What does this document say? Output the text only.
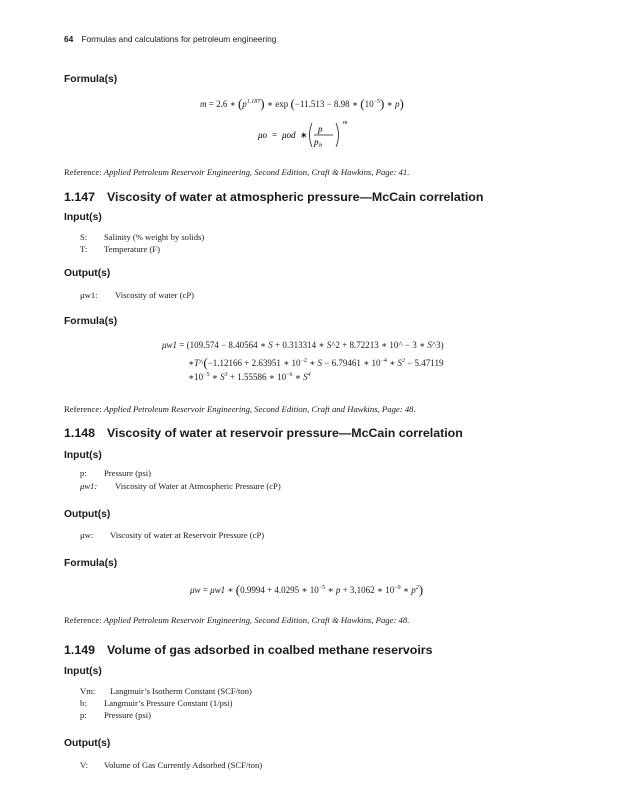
64 Formulas and calculations for petroleum engineering
Formula(s)
m = 2.6 ∗ $(p^{1.187})$ ∗ exp (−11.513 − 8.98 ∗ $(10^{-5})$ ∗ p)
μo = μod ∗
p
p b
m
Reference: Applied Petroleum Reservoir Engineering, Second Edition, Craft & Hawkins, Page: 41.
1.147 Viscosity of water at atmospheric pressure—McCain correlation
Input(s)
S: Salinity (% weight by solids)
T: Temperature (F)
Output(s)
μw1: Viscosity of water (cP)
Formula(s)
μw1 = (109.574 − 8.40564 ∗ S + 0.313314 ∗ S^2 + 8.72213 ∗ 10^ − 3 ∗ S^3)
∗T^(−1.12166 + 2.63951 ∗ $10^{-2}$ ∗ S − 6.79461 ∗ $10^{-4}$ ∗ $S^2 - 5.47119$
$∗10^{-5}$ ∗ $S^3 + 1.55586$ ∗ $10^{-6}$ ∗ $S^4$
Reference: Applied Petroleum Reservoir Engineering, Second Edition, Craft and Hawkins, Page: 48.
1.148 Viscosity of water at reservoir pressure—McCain correlation
Input(s)
p: Pressure (psi)
μw1: Viscosity of Water at Atmospheric Pressure (cP)
Output(s)
μw: Viscosity of water at Reservoir Pressure (cP)
Formula(s)
μw = μw1 ∗ (0.9994 + 4.0295 ∗ $10^{-5}$ ∗ p + 3.1062 ∗ $10^{-9}$ ∗ $p^2$)
Reference: Applied Petroleum Reservoir Engineering, Second Edition, Craft & Hawkins, Page: 48.
1.149 Volume of gas adsorbed in coalbed methane reservoirs
Input(s)
Vm: Langmuir’s Isotherm Constant (SCF/ton)
b: Langmuir’s Pressure Constant (1/psi)
p: Pressure (psi)
Output(s)
V: Volume of Gas Currently Adsorbed (SCF/ton)
